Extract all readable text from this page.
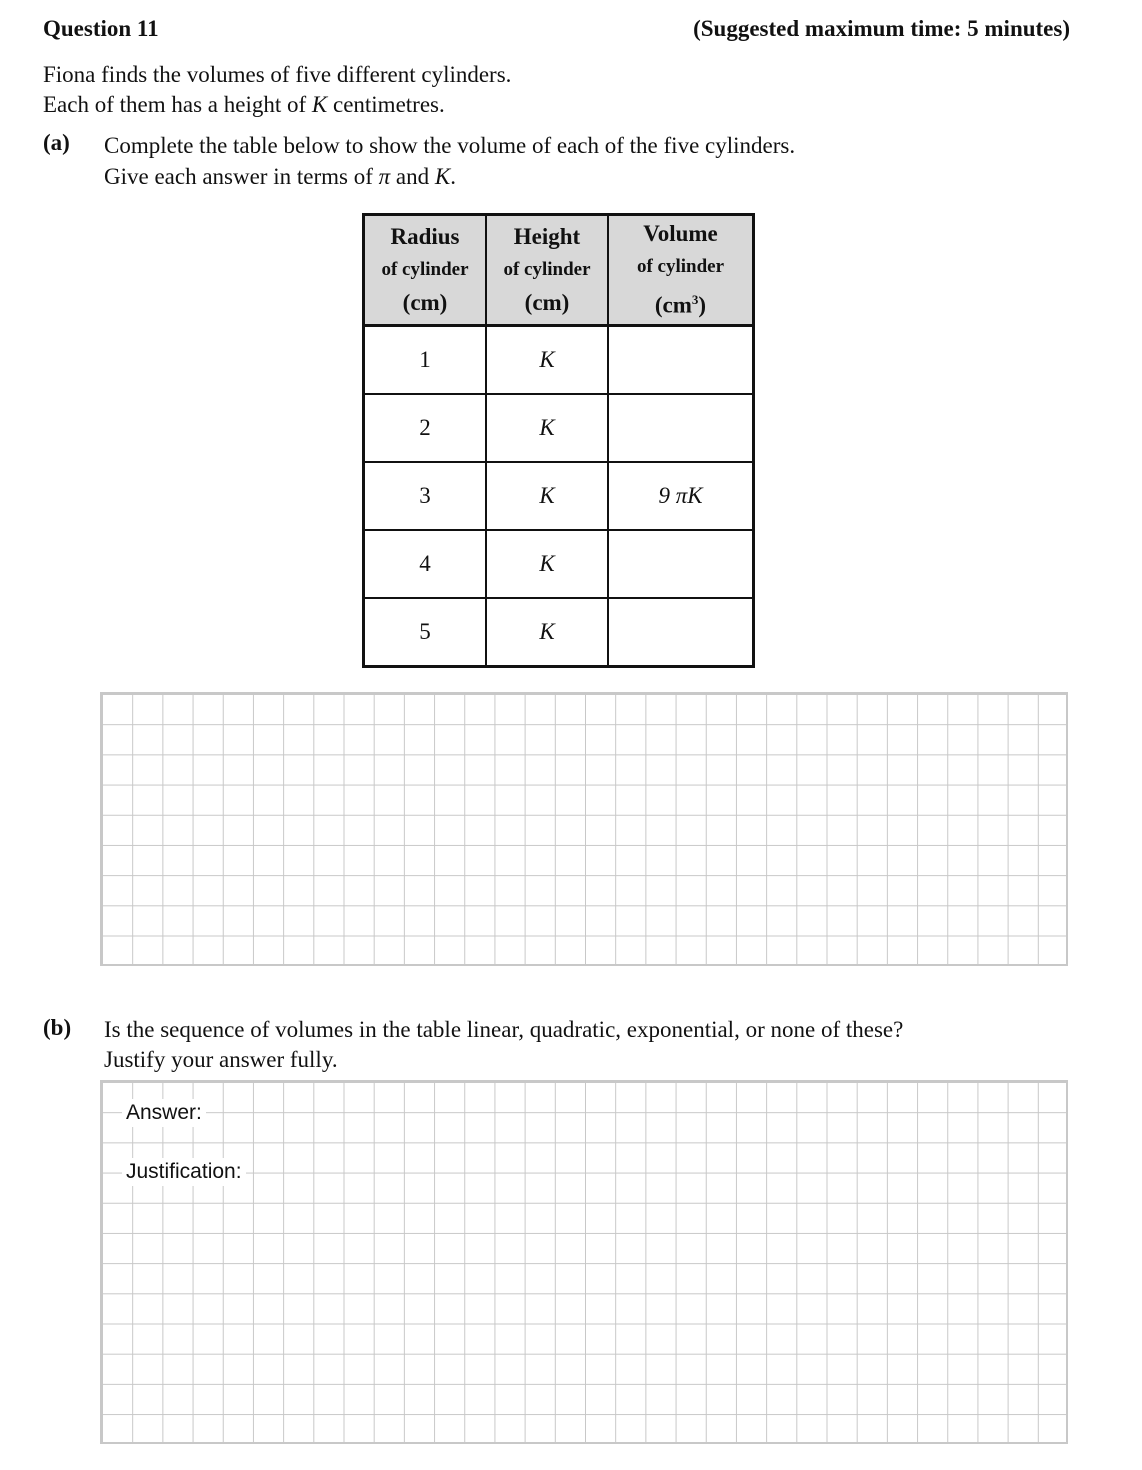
Question 11	(Suggested maximum time: 5 minutes)
Fiona finds the volumes of five different cylinders.
Each of them has a height of K centimetres.
(a) Complete the table below to show the volume of each of the five cylinders.
Give each answer in terms of π and K.
Radius
of cylinder
(cm)	Height
of cylinder
(cm)	Volume
of cylinder
$(cm^3)$

1	K	
2	K	
3	K	9 πK
4	K	
5	K	
(b) Is the sequence of volumes in the table linear, quadratic, exponential, or none of these?
Justify your answer fully.
Answer:
Justification:
